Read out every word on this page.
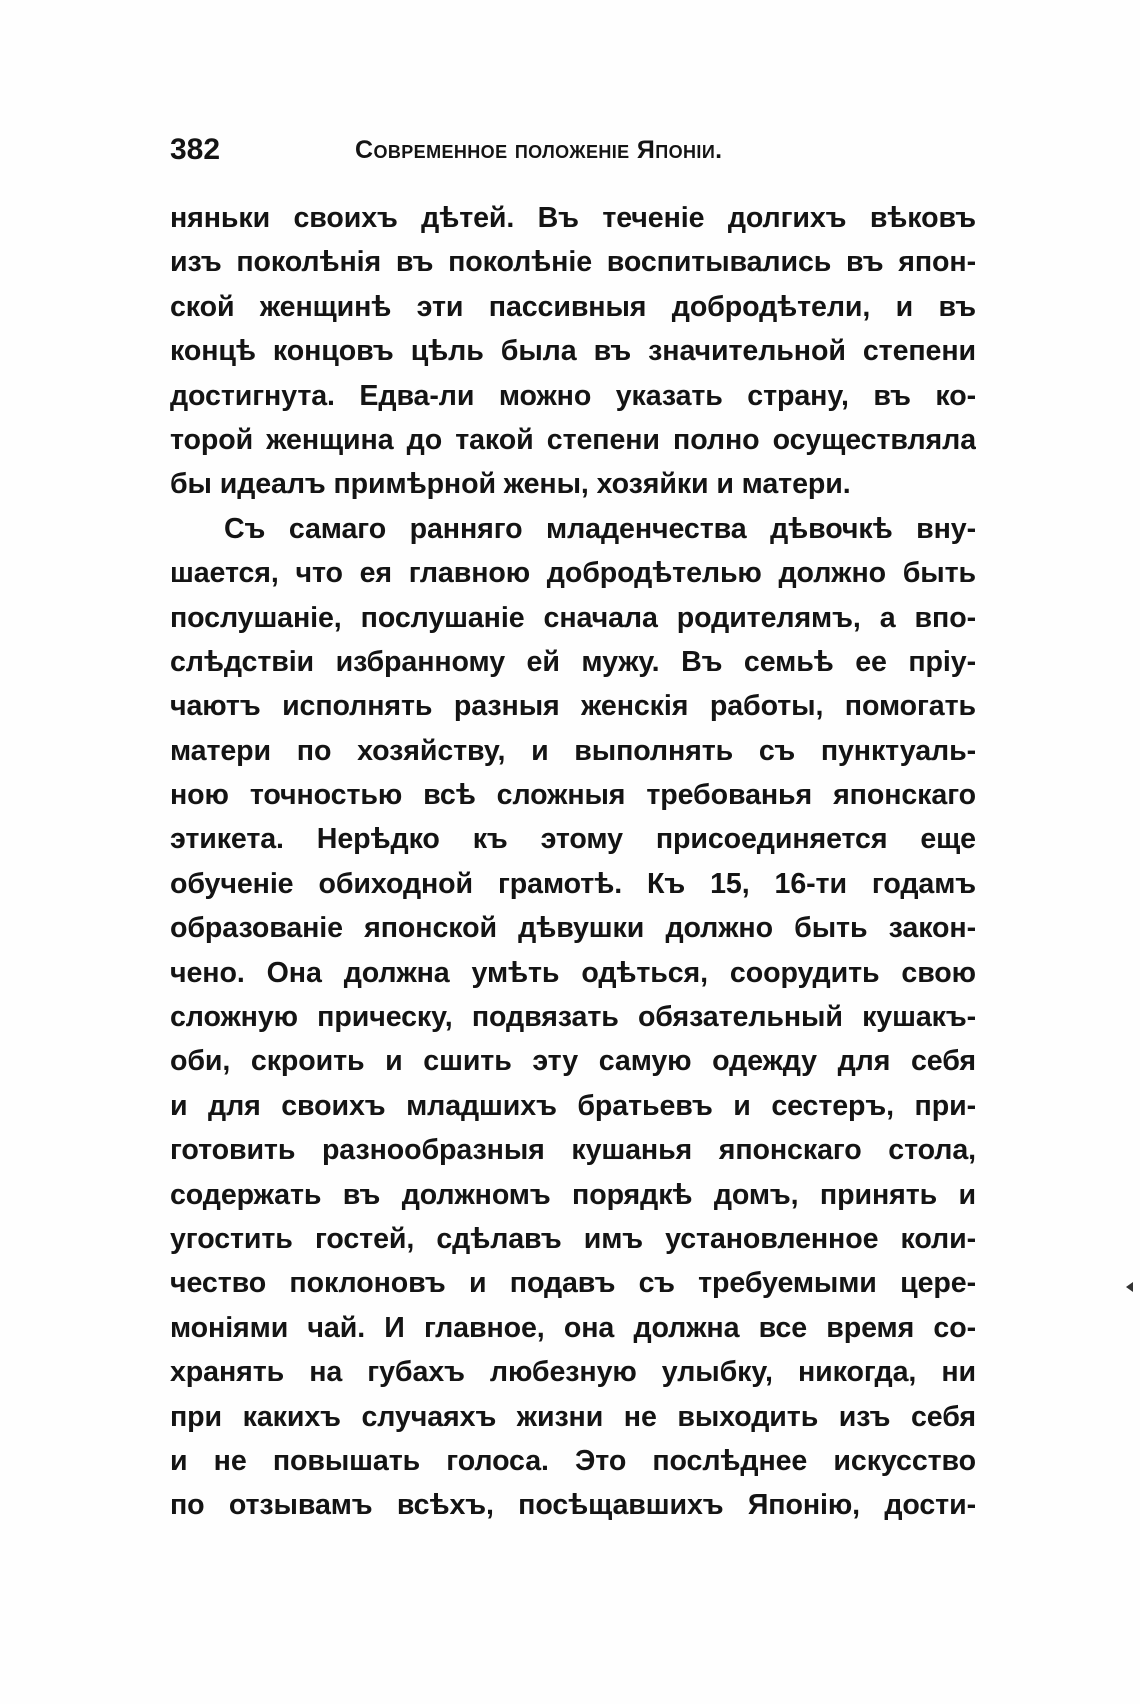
382	Современное положеніе Японіи.
няньки своихъ дѣтей. Въ теченіе долгихъ вѣковъ
изъ поколѣнія въ поколѣніе воспитывались въ япон-
ской женщинѣ эти пассивныя добродѣтели, и въ
концѣ концовъ цѣль была въ значительной степени
достигнута. Едва-ли можно указать страну, въ ко-
торой женщина до такой степени полно осуществляла
бы идеалъ примѣрной жены, хозяйки и матери.
Съ самаго ранняго младенчества дѣвочкѣ вну-
шается, что ея главною добродѣтелью должно быть
послушаніе, послушаніе сначала родителямъ, а впо-
слѣдствіи избранному ей мужу. Въ семьѣ ее пріу-
чаютъ исполнять разныя женскія работы, помогать
матери по хозяйству, и выполнять съ пунктуаль-
ною точностью всѣ сложныя требованья японскаго
этикета. Нерѣдко къ этому присоединяется еще
обученіе обиходной грамотѣ. Къ 15, 16-ти годамъ
образованіе японской дѣвушки должно быть закон-
чено. Она должна умѣть одѣться, соорудить свою
сложную прическу, подвязать обязательный кушакъ-
оби, скроить и сшить эту самую одежду для себя
и для своихъ младшихъ братьевъ и сестеръ, при-
готовить разнообразныя кушанья японскаго стола,
содержать въ должномъ порядкѣ домъ, принять и
угостить гостей, сдѣлавъ имъ установленное коли-
чество поклоновъ и подавъ съ требуемыми цере-
моніями чай. И главное, она должна все время со-
хранять на губахъ любезную улыбку, никогда, ни
при какихъ случаяхъ жизни не выходить изъ себя
и не повышать голоса. Это послѣднее искусство
по отзывамъ всѣхъ, посѣщавшихъ Японію, дости-
